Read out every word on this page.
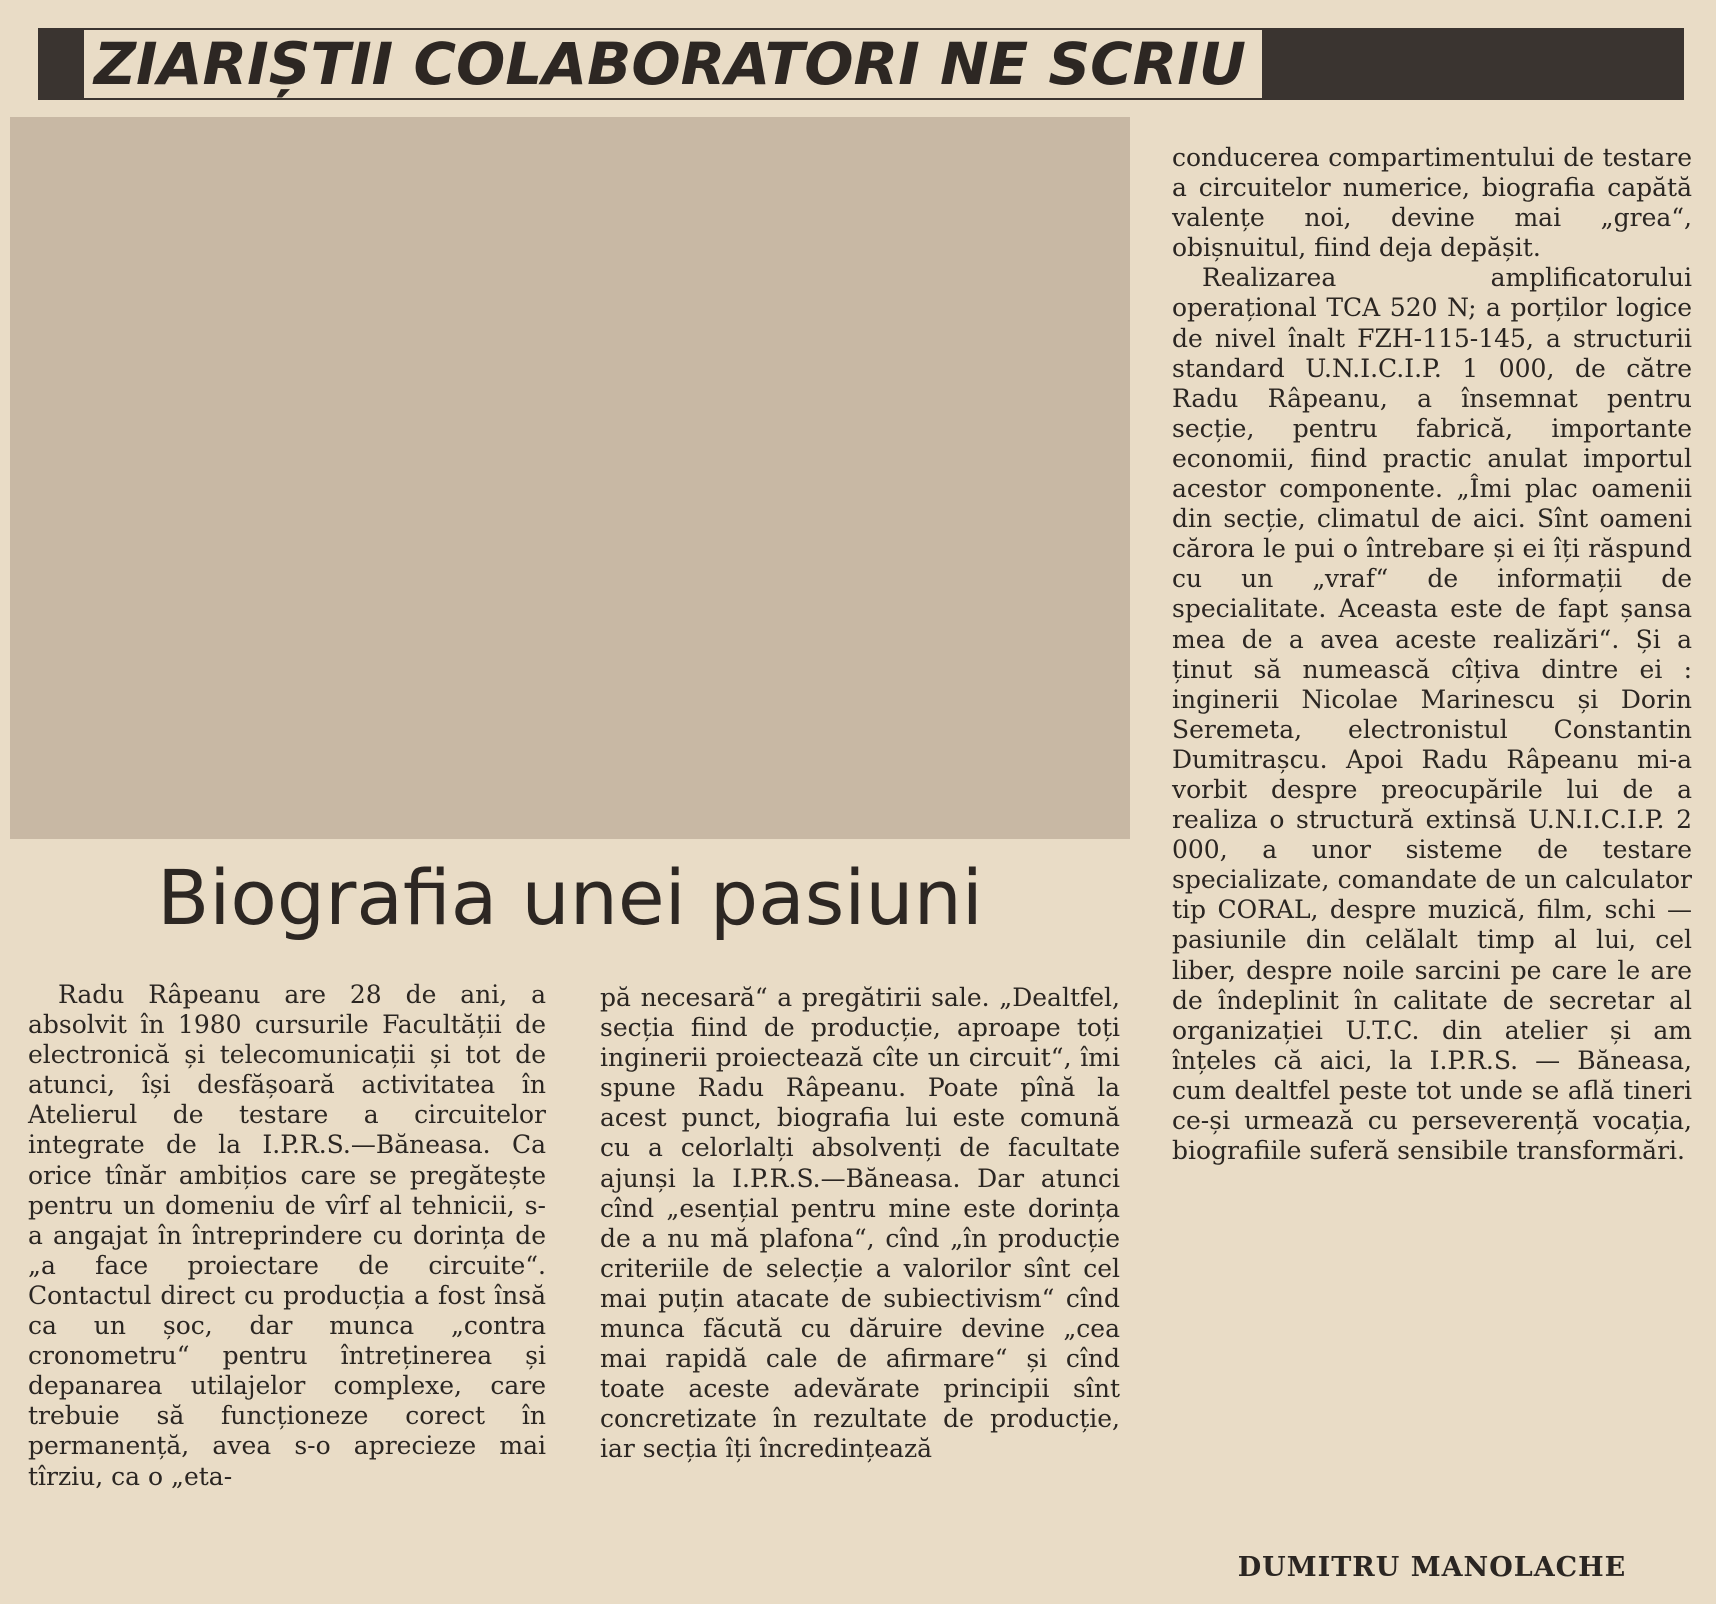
ZIARIȘTII COLABORATORI NE SCRIU
Biografia unei pasiuni

Radu Râpeanu are 28 de ani, a absolvit în 1980 cursurile Facultății de electronică și telecomunicații și tot de atunci, își desfășoară activitatea în Atelierul de testare a circuitelor integrate de la I.P.R.S.—Băneasa. Ca orice tînăr ambițios care se pregătește pentru un domeniu de vîrf al tehnicii, s-a angajat în întreprindere cu dorința de „a face proiectare de circuite“. Contactul direct cu producția a fost însă ca un șoc, dar munca „contra cronometru“ pentru întreținerea și depanarea utilajelor complexe, care trebuie să funcționeze corect în permanență, avea s-o aprecieze mai tîrziu, ca o „eta-

pă necesară“ a pregătirii sale. „Dealtfel, secția fiind de producție, aproape toți inginerii proiectează cîte un circuit“, îmi spune Radu Râpeanu. Poate pînă la acest punct, biografia lui este comună cu a celorlalți absolvenți de facultate ajunși la I.P.R.S.—Băneasa. Dar atunci cînd „esențial pentru mine este dorința de a nu mă plafona“, cînd „în producție criteriile de selecție a valorilor sînt cel mai puțin atacate de subiectivism“ cînd munca făcută cu dăruire devine „cea mai rapidă cale de afirmare“ și cînd toate aceste adevărate principii sînt concretizate în rezultate de producție, iar secția îți încredințează

conducerea compartimentului de testare a circuitelor numerice, biografia capătă valențe noi, devine mai „grea“, obișnuitul, fiind deja depășit.

Realizarea amplificatorului operațional TCA 520 N; a porților logice de nivel înalt FZH-115-145, a structurii standard U.N.I.C.I.P. 1 000, de către Radu Râpeanu, a însemnat pentru secție, pentru fabrică, importante economii, fiind practic anulat importul acestor componente. „Îmi plac oamenii din secție, climatul de aici. Sînt oameni cărora le pui o întrebare și ei îți răspund cu un „vraf“ de informații de specialitate. Aceasta este de fapt șansa mea de a avea aceste realizări“. Și a ținut să numească cîțiva dintre ei : inginerii Nicolae Marinescu și Dorin Seremeta, electronistul Constantin Dumitrașcu. Apoi Radu Râpeanu mi-a vorbit despre preocupările lui de a realiza o structură extinsă U.N.I.C.I.P. 2 000, a unor sisteme de testare specializate, comandate de un calculator tip CORAL, despre muzică, film, schi — pasiunile din celălalt timp al lui, cel liber, despre noile sarcini pe care le are de îndeplinit în calitate de secretar al organizației U.T.C. din atelier și am înțeles că aici, la I.P.R.S. — Băneasa, cum dealtfel peste tot unde se află tineri ce-și urmează cu perseverență vocația, biografiile suferă sensibile transformări.

DUMITRU MANOLACHE
